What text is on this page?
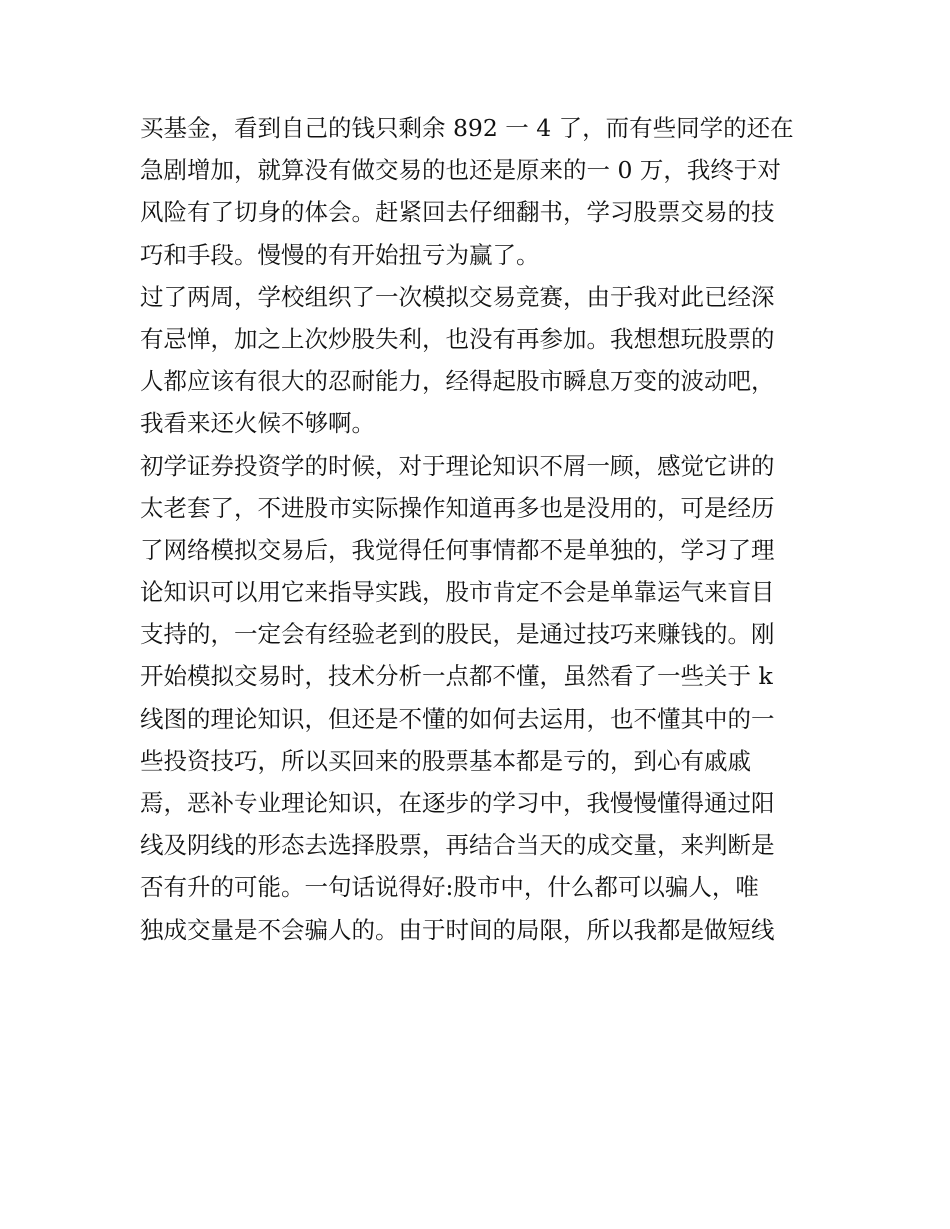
买基金，看到自己的钱只剩余 892 一 4 了，而有些同学的还在
急剧增加，就算没有做交易的也还是原来的一 0 万，我终于对
风险有了切身的体会。赶紧回去仔细翻书，学习股票交易的技
巧和手段。慢慢的有开始扭亏为赢了。
过了两周，学校组织了一次模拟交易竞赛，由于我对此已经深
有忌惮，加之上次炒股失利，也没有再参加。我想想玩股票的
人都应该有很大的忍耐能力，经得起股市瞬息万变的波动吧，
我看来还火候不够啊。
初学证券投资学的时候，对于理论知识不屑一顾，感觉它讲的
太老套了，不进股市实际操作知道再多也是没用的，可是经历
了网络模拟交易后，我觉得任何事情都不是单独的，学习了理
论知识可以用它来指导实践，股市肯定不会是单靠运气来盲目
支持的，一定会有经验老到的股民，是通过技巧来赚钱的。刚
开始模拟交易时，技术分析一点都不懂，虽然看了一些关于 k
线图的理论知识，但还是不懂的如何去运用，也不懂其中的一
些投资技巧，所以买回来的股票基本都是亏的，到心有戚戚
焉，恶补专业理论知识，在逐步的学习中，我慢慢懂得通过阳
线及阴线的形态去选择股票，再结合当天的成交量，来判断是
否有升的可能。一句话说得好:股市中，什么都可以骗人，唯
独成交量是不会骗人的。由于时间的局限，所以我都是做短线
